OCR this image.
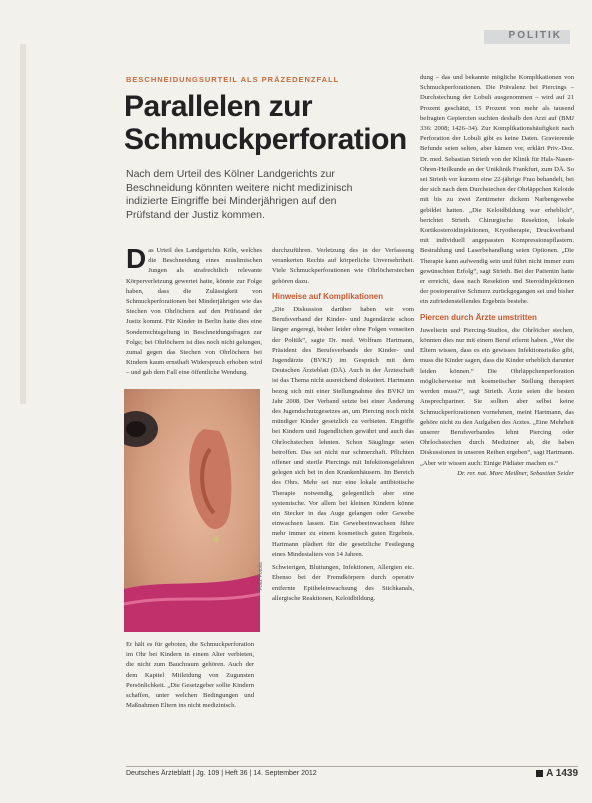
POLITIK
BESCHNEIDUNGSURTEIL ALS PRÄZEDENZFALL
Parallelen zur Schmuckperforation
Nach dem Urteil des Kölner Landgerichts zur Beschneidung könnten weitere nicht medizinisch indizierte Eingriffe bei Minderjährigen auf den Prüfstand der Justiz kommen.

Das Urteil des Landgerichts Köln, welches die Beschneidung eines muslimischen Jungen als strafrechtlich relevante Körperverletzung gewertet hatte, könnte zur Folge haben, dass die Zulässigkeit von Schmuckperforationen bei Minderjährigen wie das Stechen von Ohrlöchern auf den Prüfstand der Justiz kommt. Für Kinder in Berlin hatte dies eine Sonderrechtsgeltung in Beschneidungsfragen zur Folge; bei Ohrlöchern ist dies noch nicht gelungen, zumal gegen das Stechen von Ohrlöchern bei Kindern kaum ernsthaft Widerspruch erhoben wird – und gab dem Fall eine öffentliche Wendung.

Foto: Fotolia

Er hält es für geboten, die Schmuckperforation im Ohr bei Kindern in einem Alter verbieten, die nicht zum Bauchraum gehören. Auch der dem Kapitel Mitleidung von Zugunsten Persönlichkeit. „Die Gesetzgeber sollte Kindern schaffen, unter welchen Bedingungen und Maßnahmen Eltern ins nicht medizinisch.

durchzuführen. Verletzung des in der Verfassung verankerten Rechts auf körperliche Unversehrtheit. Viele Schmuckperforationen wie Ohrlöcherstechen gehören dazu.

Hinweise auf Komplikationen

„Die Diskussion darüber haben wir vom Berufsverband der Kinder- und Jugendärzte schon länger angeregt, bisher leider ohne Folgen vonseiten der Politik“, sagte Dr. med. Wolfram Hartmann, Präsident des Berufsverbands der Kinder- und Jugendärzte (BVKJ) im Gespräch mit dem Deutschen Ärzteblatt (DÄ). Auch in der Ärzteschaft ist das Thema nicht ausreichend diskutiert. Hartmann bezog sich mit einer Stellungnahme des BVKJ im Jahr 2008. Der Verband setzte bei einer Änderung des Jugendschutzgesetzes an, um Piercing noch nicht mündiger Kinder gesetzlich zu verbieten. Eingriffe bei Kindern und Jugendlichen gewährt und auch das Ohrlochstechen lehnten. Schon Säuglinge seien betroffen. Das sei nicht nur schmerzhaft. Pflichten offener und sterile Piercings mit Infektionsgefahren gelegen sich bei in den Krankenhäusern. Im Bereich des Ohrs. Mehr sei nur eine lokale antibiotische Therapie notwendig, gelegentlich aber eine systemische. Vor allem bei kleinen Kindern könne ein Stecker in das Auge gelangen oder Gewebe einwachsen lassen. Ein Gewebeeinwachsen führe mehr immer zu einem kosmetisch guten Ergebnis. Hartmann plädiert für die gesetzliche Festlegung eines Mindestalters von 14 Jahren.

Schwierigen, Bluttungen, Infektionen, Allergien etc. Ebenso bei der Fremdkörpern durch operativ entfernte Epitheleinwachsung des Stichkanals, allergische Reaktionen, Keloidbildung.

dung – das und bekannte mögliche Komplikationen von Schmuckperforationen. Die Prävalenz bei Piercings – Durchstechung der Lobuli ausgenommen – wird auf 21 Prozent geschätzt, 15 Prozent von mehr als tausend befragten Gepiercten suchten deshalb den Arzt auf (BMJ 336: 2008; 1426–34). Zur Komplikationshäufigkeit nach Perforation der Lobuli gibt es keine Daten. Gravierende Befunde seien selten, aber kämen vor, erklärt Priv.-Doz. Dr. med. Sebastian Strieth von der Klinik für Hals-Nasen-Ohren-Heilkunde an der Uniklinik Frankfurt, zum DÄ. So sei Strieth vor kurzem eine 22-jährige Frau behandelt, bei der sich nach dem Durchstechen der Ohrläppchen Keloide mit bis zu zwei Zentimeter dickem Narbengewebe gebildet hatten. „Die Keloidbildung war erheblich“, berichtet Strieth. Chirurgische Resektion, lokale Kortikosteroidinjektionen, Kryotherapie, Druckverband mit individuell angepassten Kompressionspflastern. Bestrahlung und Laserbehandlung seien Optionen. „Die Therapie kann aufwendig sein und führt nicht immer zum gewünschten Erfolg“, sagt Strieth. Bei der Patientin hatte er erreicht, dass nach Resektion und Steroidinjektionen der postoperative Schmerz zurückgegangen sei und bisher ein zufriedenstellendes Ergebnis bestehe.

Piercen durch Ärzte umstritten

Juwelierin und Piercing-Studios, die Ohrlöcher stechen, könnten dies nur mit einem Beruf erlernt haben. „Wer die Eltern wissen, dass es ein gewisses Infektionsrisiko gibt, muss die Kinder sagen, dass die Kinder erheblich darunter leiden können.“ Die Ohrläppchenperforation möglicherweise mit kosmetischer Stellung therapiert werden muss?“, sagt Strieth. Ärzte seien die besten Ansprechpartner. Sie sollten aber selbst keine Schmuckperforationen vornehmen, meint Hartmann, das gehöre nicht zu den Aufgaben des Arztes. „Eine Mehrheit unserer Berufsverbandes lehnt Piercing oder Ohrlochstechen durch Mediziner ab, die haben Diskussionen in unseren Reihen ergeben“, sagt Hartmann. „Aber wir wissen auch: Einige Pädiater machen es.“

Dr. rer. nat. Marc Meißner, Sebastian Seider

Deutsches Ärzteblatt | Jg. 109 | Heft 36 | 14. September 2012	A 1439
